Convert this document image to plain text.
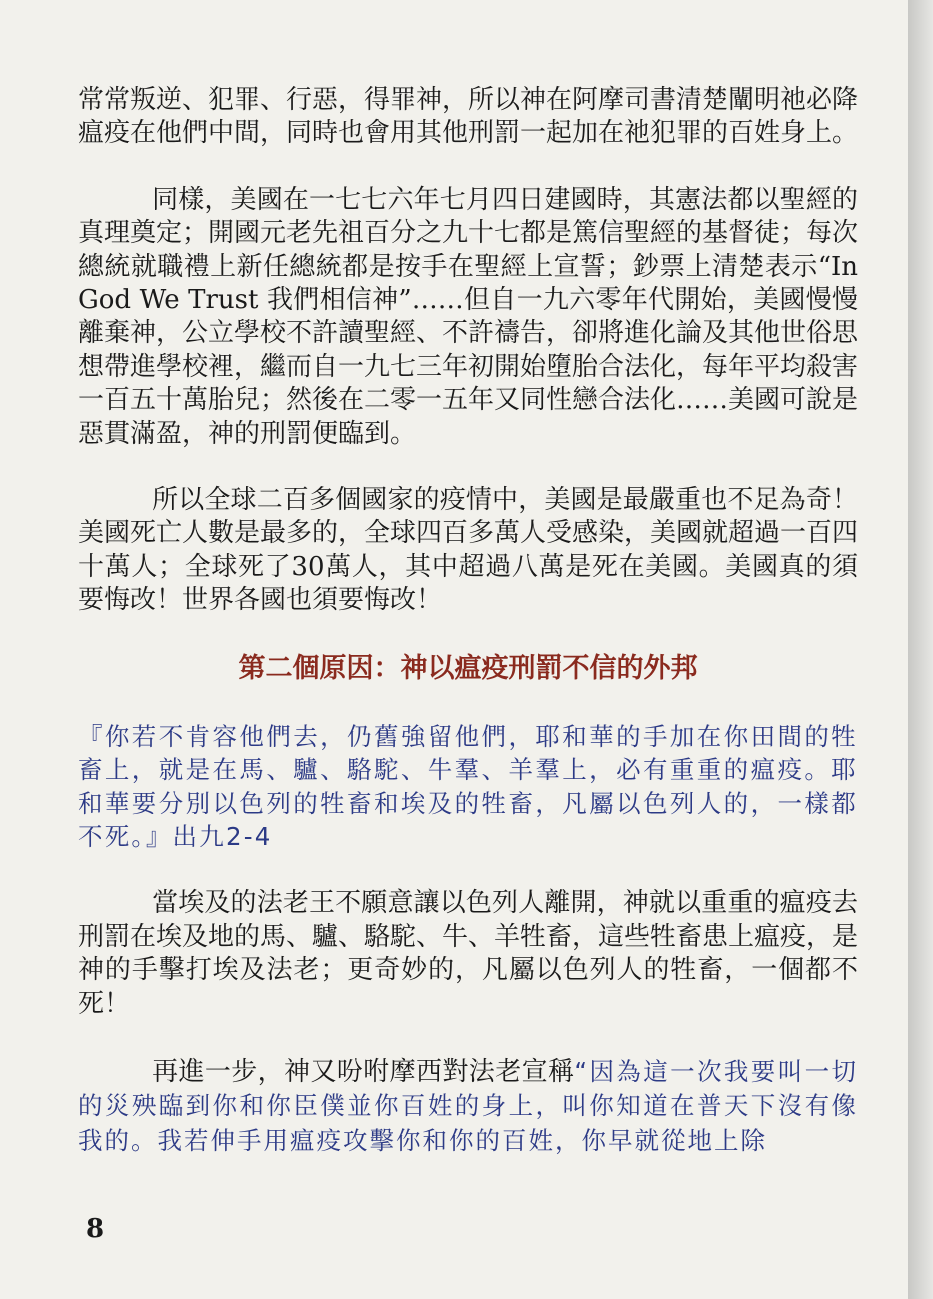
常常叛逆、犯罪、行惡，得罪神，所以神在阿摩司書清楚闡明祂必降瘟疫在他們中間，同時也會用其他刑罰一起加在祂犯罪的百姓身上。

同樣，美國在一七七六年七月四日建國時，其憲法都以聖經的真理奠定；開國元老先祖百分之九十七都是篤信聖經的基督徒；每次總統就職禮上新任總統都是按手在聖經上宣誓；鈔票上清楚表示“In God We Trust 我們相信神”……但自一九六零年代開始，美國慢慢離棄神，公立學校不許讀聖經、不許禱告，卻將進化論及其他世俗思想帶進學校裡，繼而自一九七三年初開始墮胎合法化，每年平均殺害一百五十萬胎兒；然後在二零一五年又同性戀合法化……美國可說是惡貫滿盈，神的刑罰便臨到。

所以全球二百多個國家的疫情中，美國是最嚴重也不足為奇！美國死亡人數是最多的，全球四百多萬人受感染，美國就超過一百四十萬人；全球死了30萬人，其中超過八萬是死在美國。美國真的須要悔改！世界各國也須要悔改！

第二個原因：神以瘟疫刑罰不信的外邦

『你若不肯容他們去，仍舊強留他們，耶和華的手加在你田間的牲畜上，就是在馬、驢、駱駝、牛羣、羊羣上，必有重重的瘟疫。耶和華要分別以色列的牲畜和埃及的牲畜，凡屬以色列人的，一樣都不死。』出九2-4

當埃及的法老王不願意讓以色列人離開，神就以重重的瘟疫去刑罰在埃及地的馬、驢、駱駝、牛、羊牲畜，這些牲畜患上瘟疫，是神的手擊打埃及法老；更奇妙的，凡屬以色列人的牲畜，一個都不死！

再進一步，神又吩咐摩西對法老宣稱“因為這一次我要叫一切的災殃臨到你和你臣僕並你百姓的身上，叫你知道在普天下沒有像我的。我若伸手用瘟疫攻擊你和你的百姓，你早就從地上除

8
